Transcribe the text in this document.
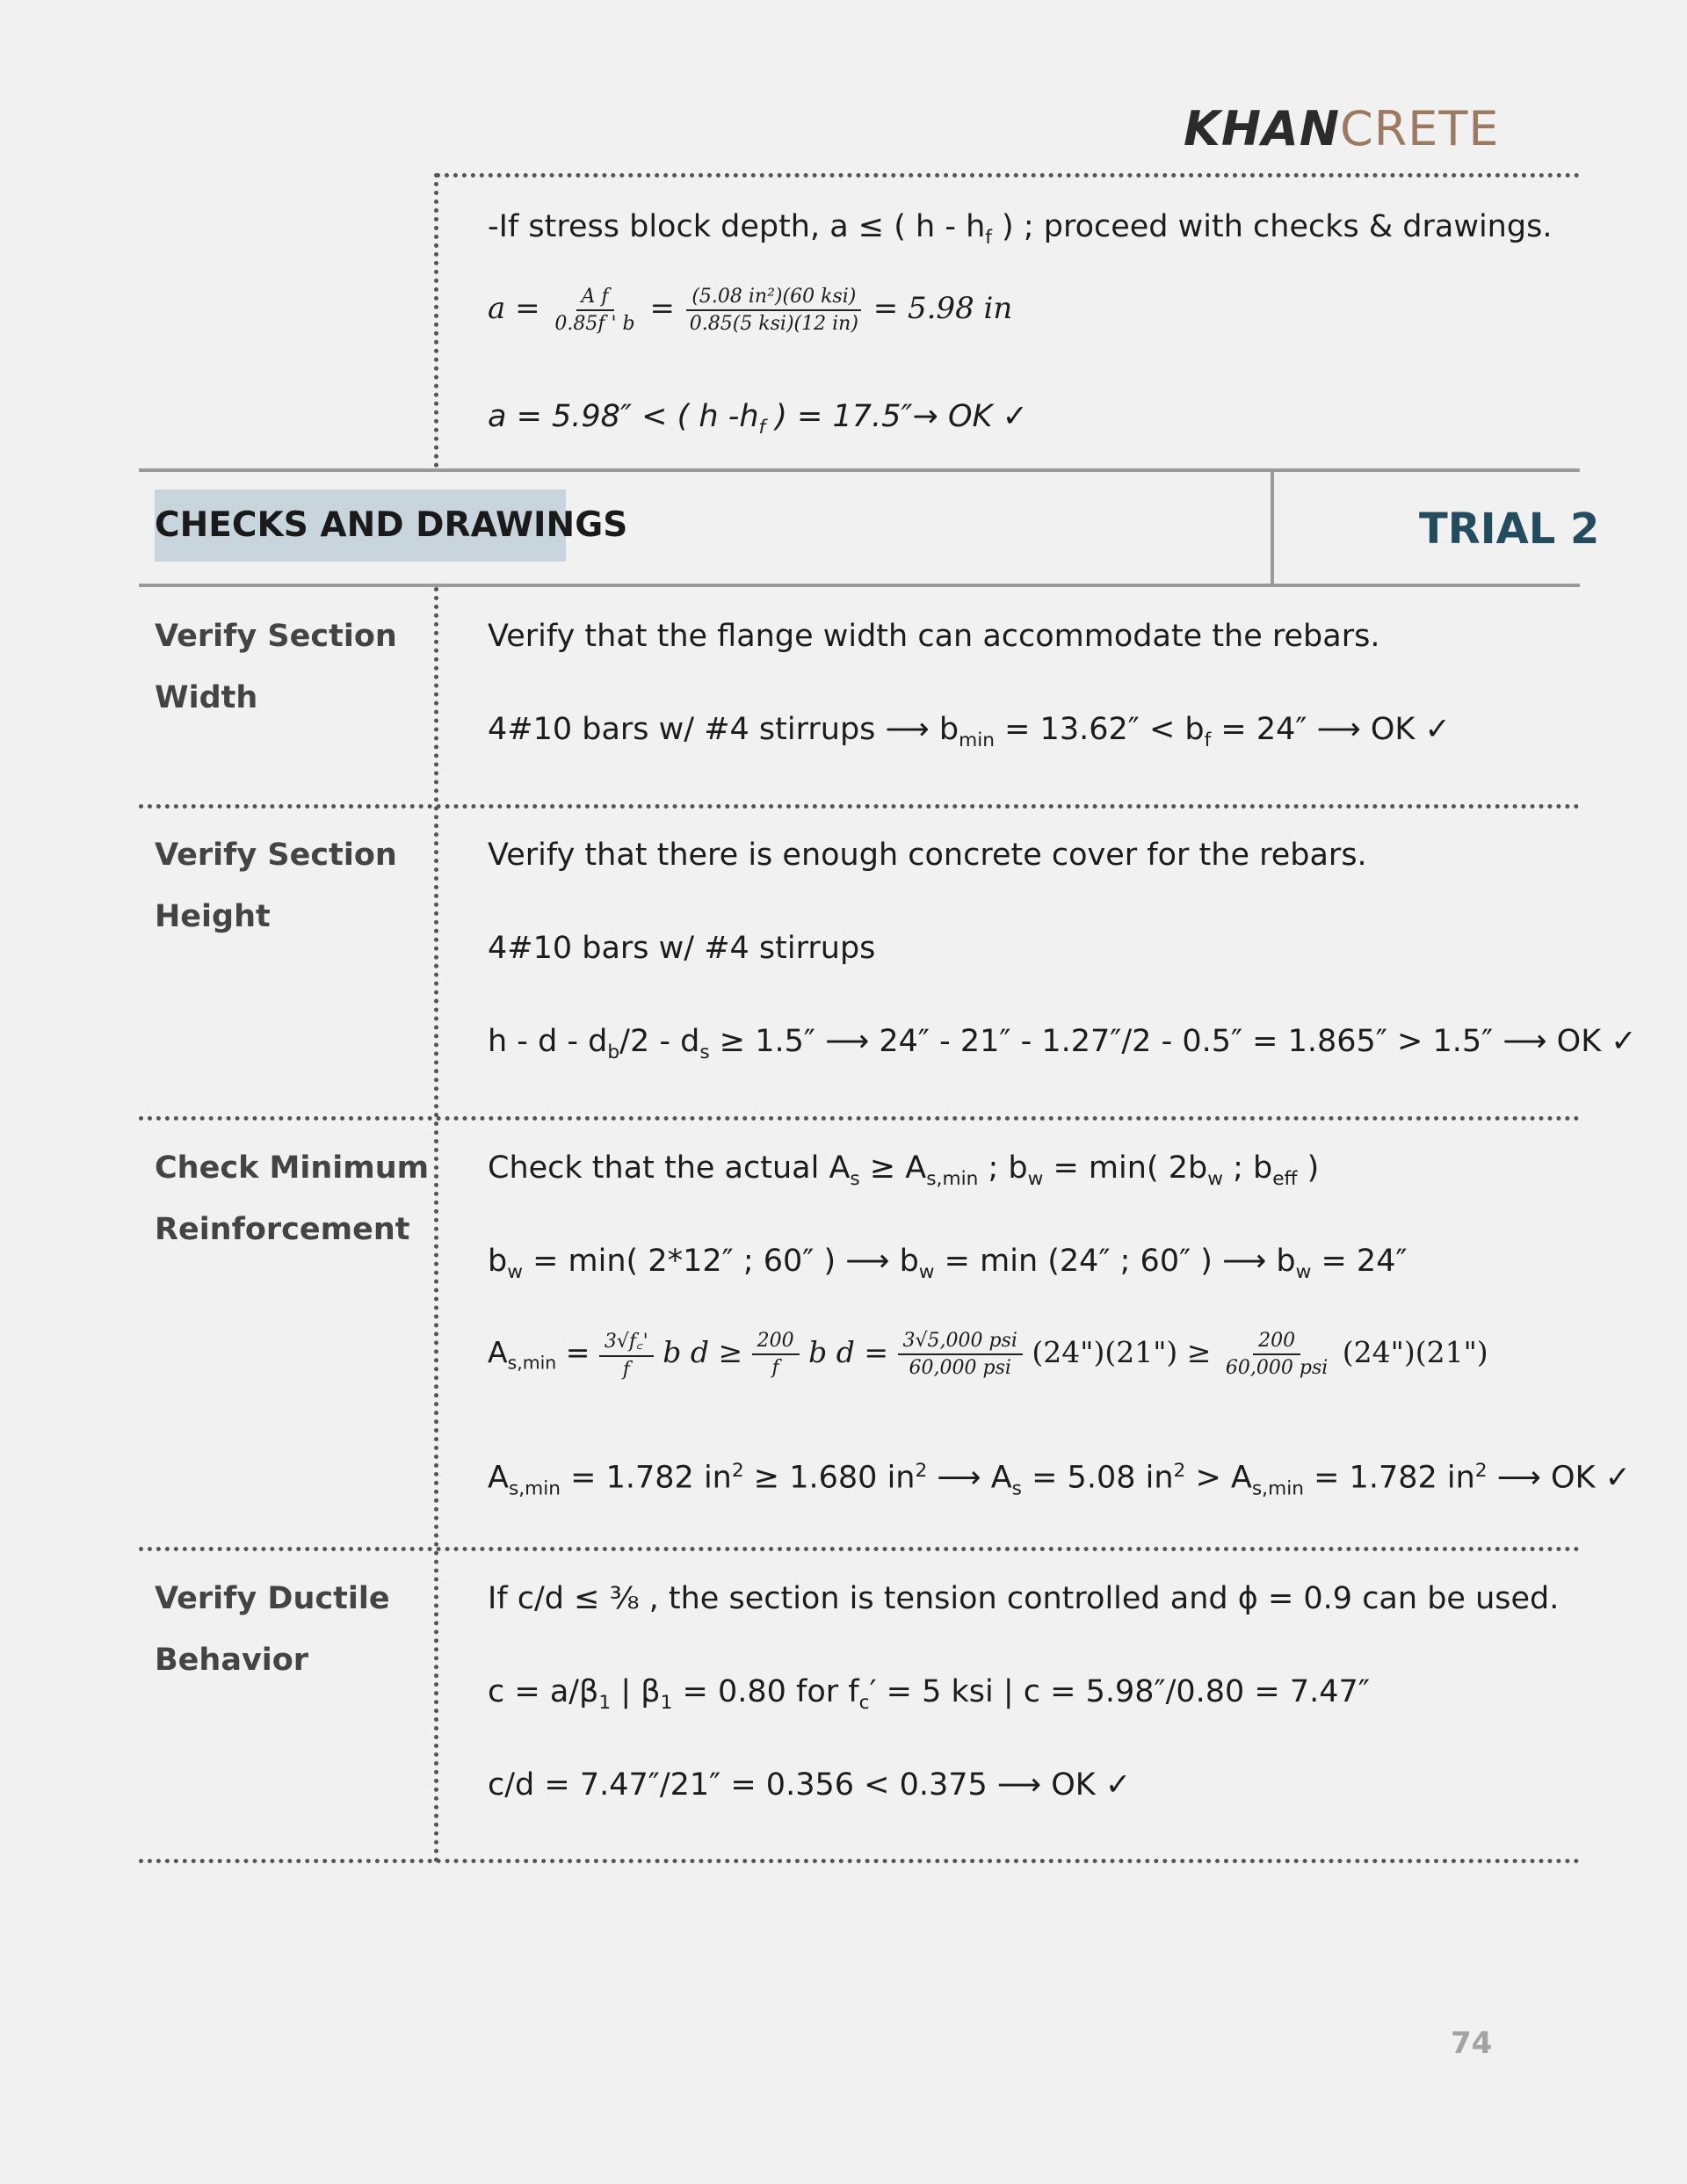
KHANCRETE
-If stress block depth, a ≤ ( h - $h_f$ ) ; proceed with checks & drawings.
$a = \frac{\text{A f}}{0.85f ' b} = \frac{\text{(5.08 in²)(60 ksi)}}{\text{0.85(5 ksi)(12 in)}} = 5.98$ in
a = 5.98″ < ( h $-h_f$ ) = 17.5″→ OK ✓
CHECKS AND DRAWINGS	TRIAL 2
Verify Section
Width
Verify that the flange width can accommodate the rebars.
4#10 bars w/ #4 stirrups ⟶ $b_{min} = 13.62'' < b_f = 24''$ ⟶ OK ✓
Verify Section
Height
Verify that there is enough concrete cover for the rebars.
4#10 bars w/ #4 stirrups
$h - d - d_b/2 - d_s \ge 1.5''$ ⟶ 24″ - 21″ - 1.27″/2 - 0.5″ = 1.865″ > 1.5″ ⟶ OK ✓
Check Minimum
Reinforcement
Check that the actual $A_s \ge A_{s,min}$ ; $b_w = \min$( $2b_w$ ; $b_{eff}$ )
$b_w = \min$( 2*12″ ; 60″ ) ⟶ $b_w = \min (24''$ ; 60″ ) ⟶ $b_w = 24''$
$A_{s,min} = \frac{3√f꜀'}{f}$ b $d \ge \frac{200}{f}$ b $d = \frac{\text{3√5,000 psi}}{\text{60,000 psi}}$ (24")(21") ≥ $\frac{200}{\text{60,000 psi}}$ (24")(21")
$A_{s,min} = 1.782$ $in^2 \ge 1.680$ $in^2$ ⟶ $A_s = 5.08$ $in^2 > A_{s,min} = 1.782$ $in^2$ ⟶ OK ✓
Verify Ductile
Behavior
If c/d ≤ ⅜ , the section is tension controlled and ϕ = 0.9 can be used.
$c = a/\beta_1$ | $\beta_1 = 0.80$ for $f_c' = 5$ ksi | c = 5.98″/0.80 = 7.47″
c/d = 7.47″/21″ = 0.356 < 0.375 ⟶ OK ✓
74
